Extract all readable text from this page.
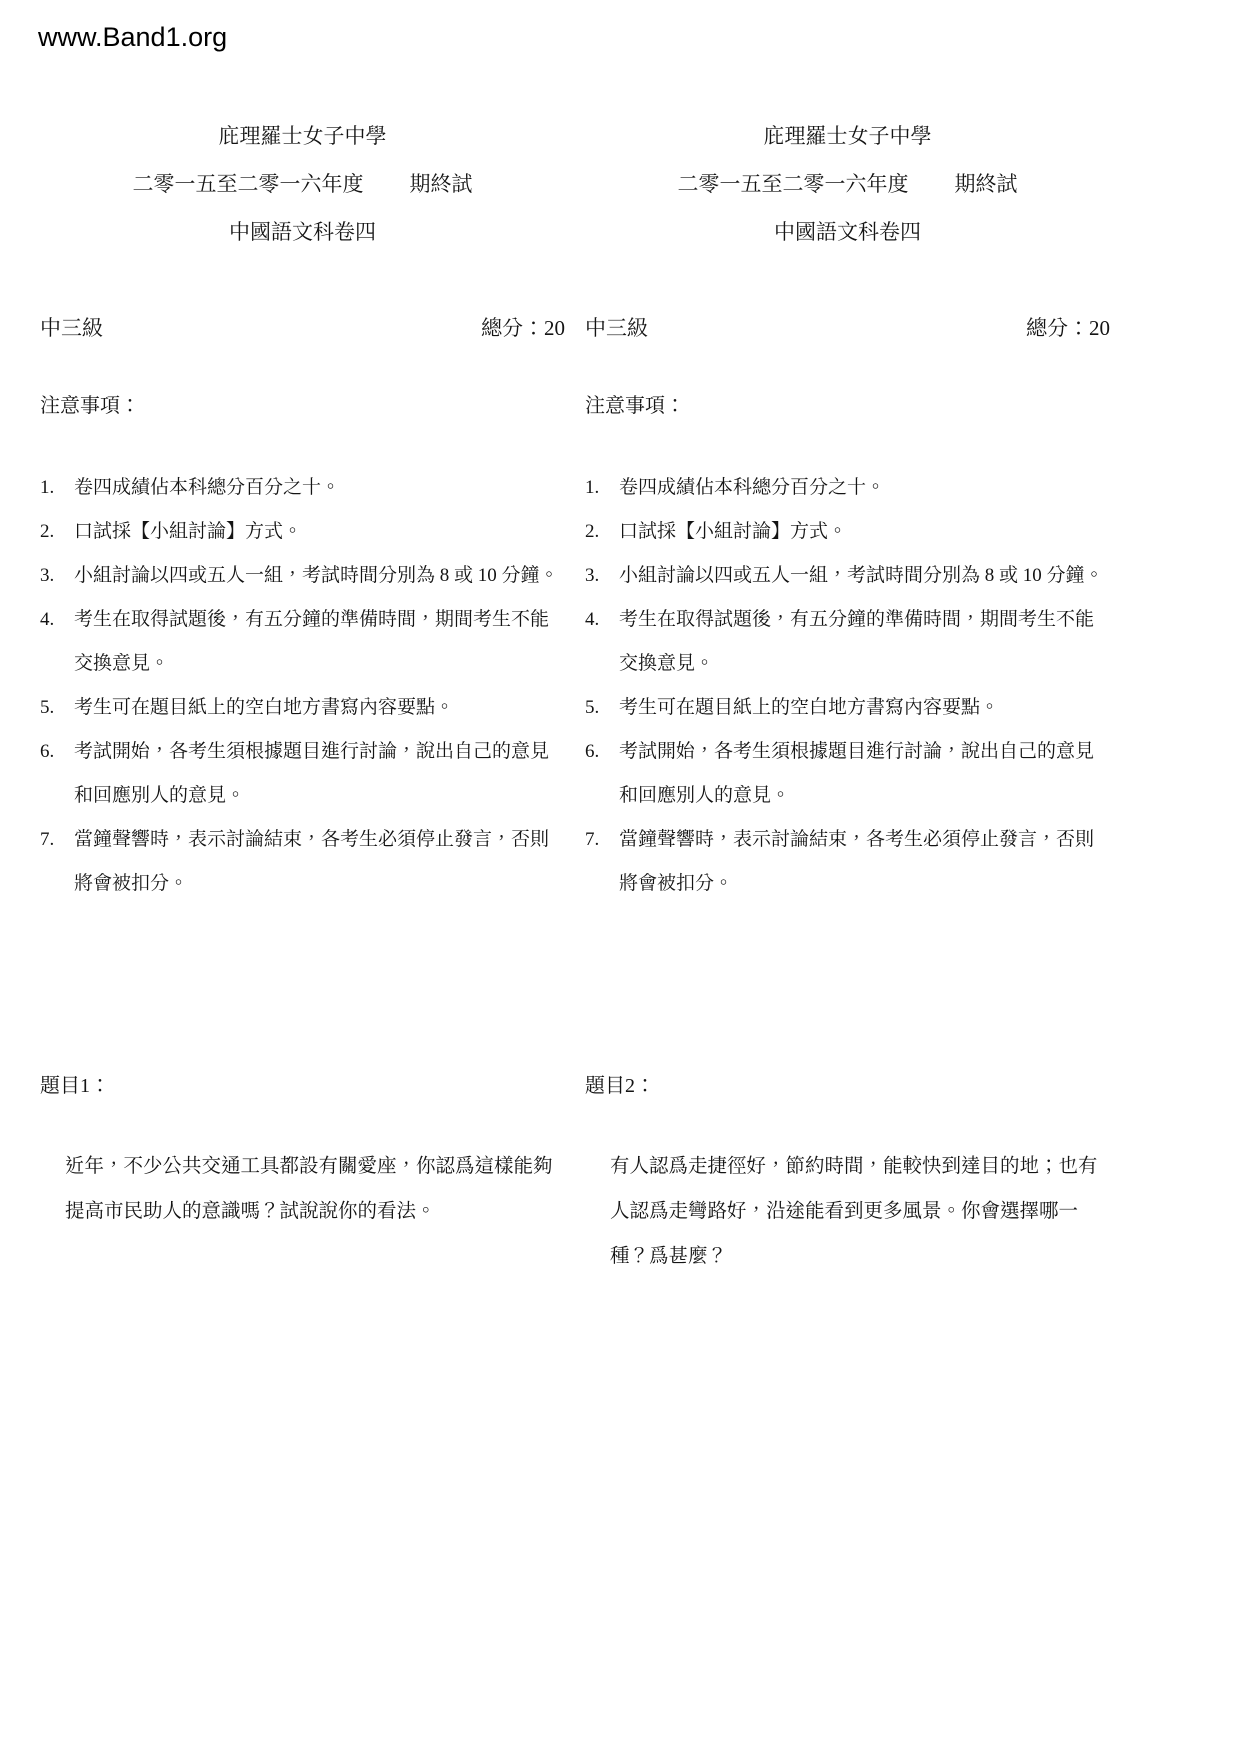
www.Band1.org
庇理羅士女子中學
二零一五至二零一六年度 期終試
中國語文科卷四
中三級	總分：20
注意事項：
1.	卷四成績佔本科總分百分之十。
2.	口試採【小組討論】方式。
3.	小組討論以四或五人一組，考試時間分別為 8 或 10 分鐘。
4.	考生在取得試題後，有五分鐘的準備時間，期間考生不能交換意見。
5.	考生可在題目紙上的空白地方書寫內容要點。
6.	考試開始，各考生須根據題目進行討論，說出自己的意見和回應別人的意見。
7.	當鐘聲響時，表示討論結束，各考生必須停止發言，否則將會被扣分。
題目1：
近年，不少公共交通工具都設有關愛座，你認爲這樣能夠提高市民助人的意識嗎？試說說你的看法。
庇理羅士女子中學
二零一五至二零一六年度 期終試
中國語文科卷四
中三級	總分：20
注意事項：
1.	卷四成績佔本科總分百分之十。
2.	口試採【小組討論】方式。
3.	小組討論以四或五人一組，考試時間分別為 8 或 10 分鐘。
4.	考生在取得試題後，有五分鐘的準備時間，期間考生不能交換意見。
5.	考生可在題目紙上的空白地方書寫內容要點。
6.	考試開始，各考生須根據題目進行討論，說出自己的意見和回應別人的意見。
7.	當鐘聲響時，表示討論結束，各考生必須停止發言，否則將會被扣分。
題目2：
有人認爲走捷徑好，節約時間，能較快到達目的地；也有人認爲走彎路好，沿途能看到更多風景。你會選擇哪一種？爲甚麼？
